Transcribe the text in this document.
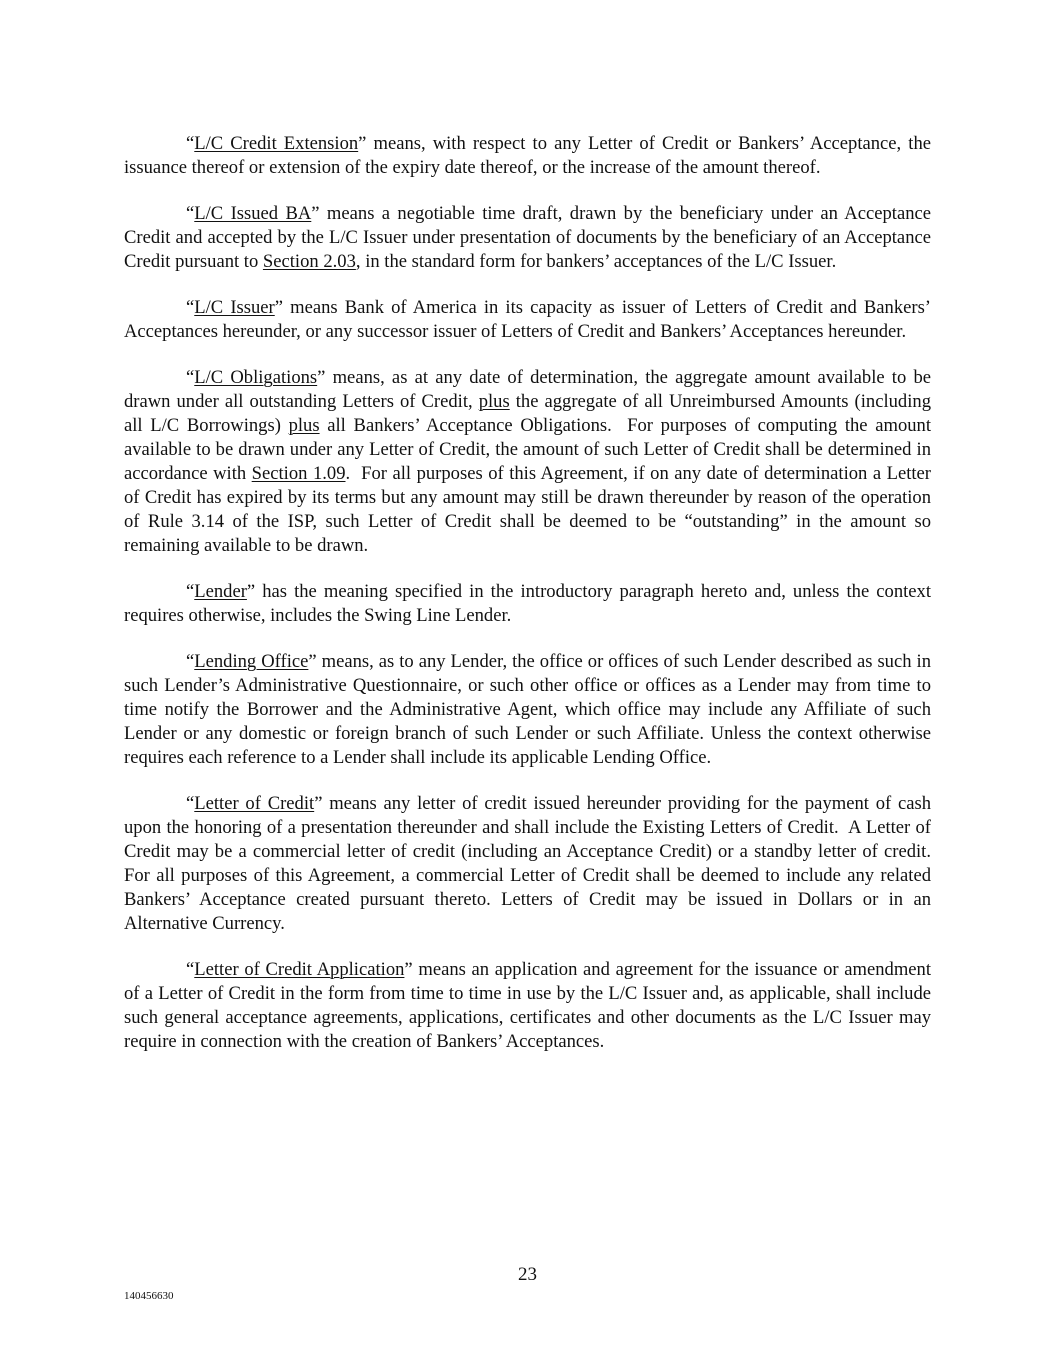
“L/C Credit Extension” means, with respect to any Letter of Credit or Bankers’ Acceptance, the issuance thereof or extension of the expiry date thereof, or the increase of the amount thereof.

“L/C Issued BA” means a negotiable time draft, drawn by the beneficiary under an Acceptance Credit and accepted by the L/C Issuer under presentation of documents by the beneficiary of an Acceptance Credit pursuant to Section 2.03, in the standard form for bankers’ acceptances of the L/C Issuer.

“L/C Issuer” means Bank of America in its capacity as issuer of Letters of Credit and Bankers’ Acceptances hereunder, or any successor issuer of Letters of Credit and Bankers’ Acceptances hereunder.

“L/C Obligations” means, as at any date of determination, the aggregate amount available to be drawn under all outstanding Letters of Credit, plus the aggregate of all Unreimbursed Amounts (including all L/C Borrowings) plus all Bankers’ Acceptance Obligations.  For purposes of computing the amount available to be drawn under any Letter of Credit, the amount of such Letter of Credit shall be determined in accordance with Section 1.09.  For all purposes of this Agreement, if on any date of determination a Letter of Credit has expired by its terms but any amount may still be drawn thereunder by reason of the operation of Rule 3.14 of the ISP, such Letter of Credit shall be deemed to be “outstanding” in the amount so remaining available to be drawn.

“Lender” has the meaning specified in the introductory paragraph hereto and, unless the context requires otherwise, includes the Swing Line Lender.

“Lending Office” means, as to any Lender, the office or offices of such Lender described as such in such Lender’s Administrative Questionnaire, or such other office or offices as a Lender may from time to time notify the Borrower and the Administrative Agent, which office may include any Affiliate of such Lender or any domestic or foreign branch of such Lender or such Affiliate. Unless the context otherwise requires each reference to a Lender shall include its applicable Lending Office.

“Letter of Credit” means any letter of credit issued hereunder providing for the payment of cash upon the honoring of a presentation thereunder and shall include the Existing Letters of Credit.  A Letter of Credit may be a commercial letter of credit (including an Acceptance Credit) or a standby letter of credit. For all purposes of this Agreement, a commercial Letter of Credit shall be deemed to include any related Bankers’ Acceptance created pursuant thereto. Letters of Credit may be issued in Dollars or in an Alternative Currency.

“Letter of Credit Application” means an application and agreement for the issuance or amendment of a Letter of Credit in the form from time to time in use by the L/C Issuer and, as applicable, shall include such general acceptance agreements, applications, certificates and other documents as the L/C Issuer may require in connection with the creation of Bankers’ Acceptances.

23
140456630
